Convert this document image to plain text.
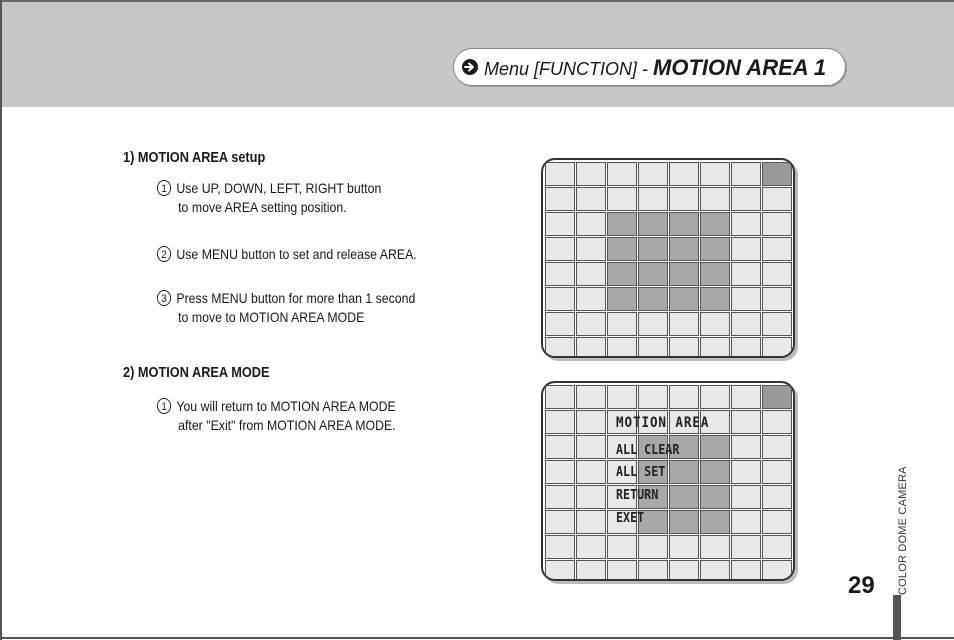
Menu [FUNCTION] - MOTION AREA 1
1) MOTION AREA setup
1 Use UP, DOWN, LEFT, RIGHT button
to move AREA setting position.
2 Use MENU button to set and release AREA.
3 Press MENU button for more than 1 second
to move to MOTION AREA MODE
2) MOTION AREA MODE
1 You will return to MOTION AREA MODE
after "Exit" from MOTION AREA MODE.	MOTION AREA
ALL CLEAR
ALL SET
RETURN
EXET	COLOR DOME CAMERA
29
